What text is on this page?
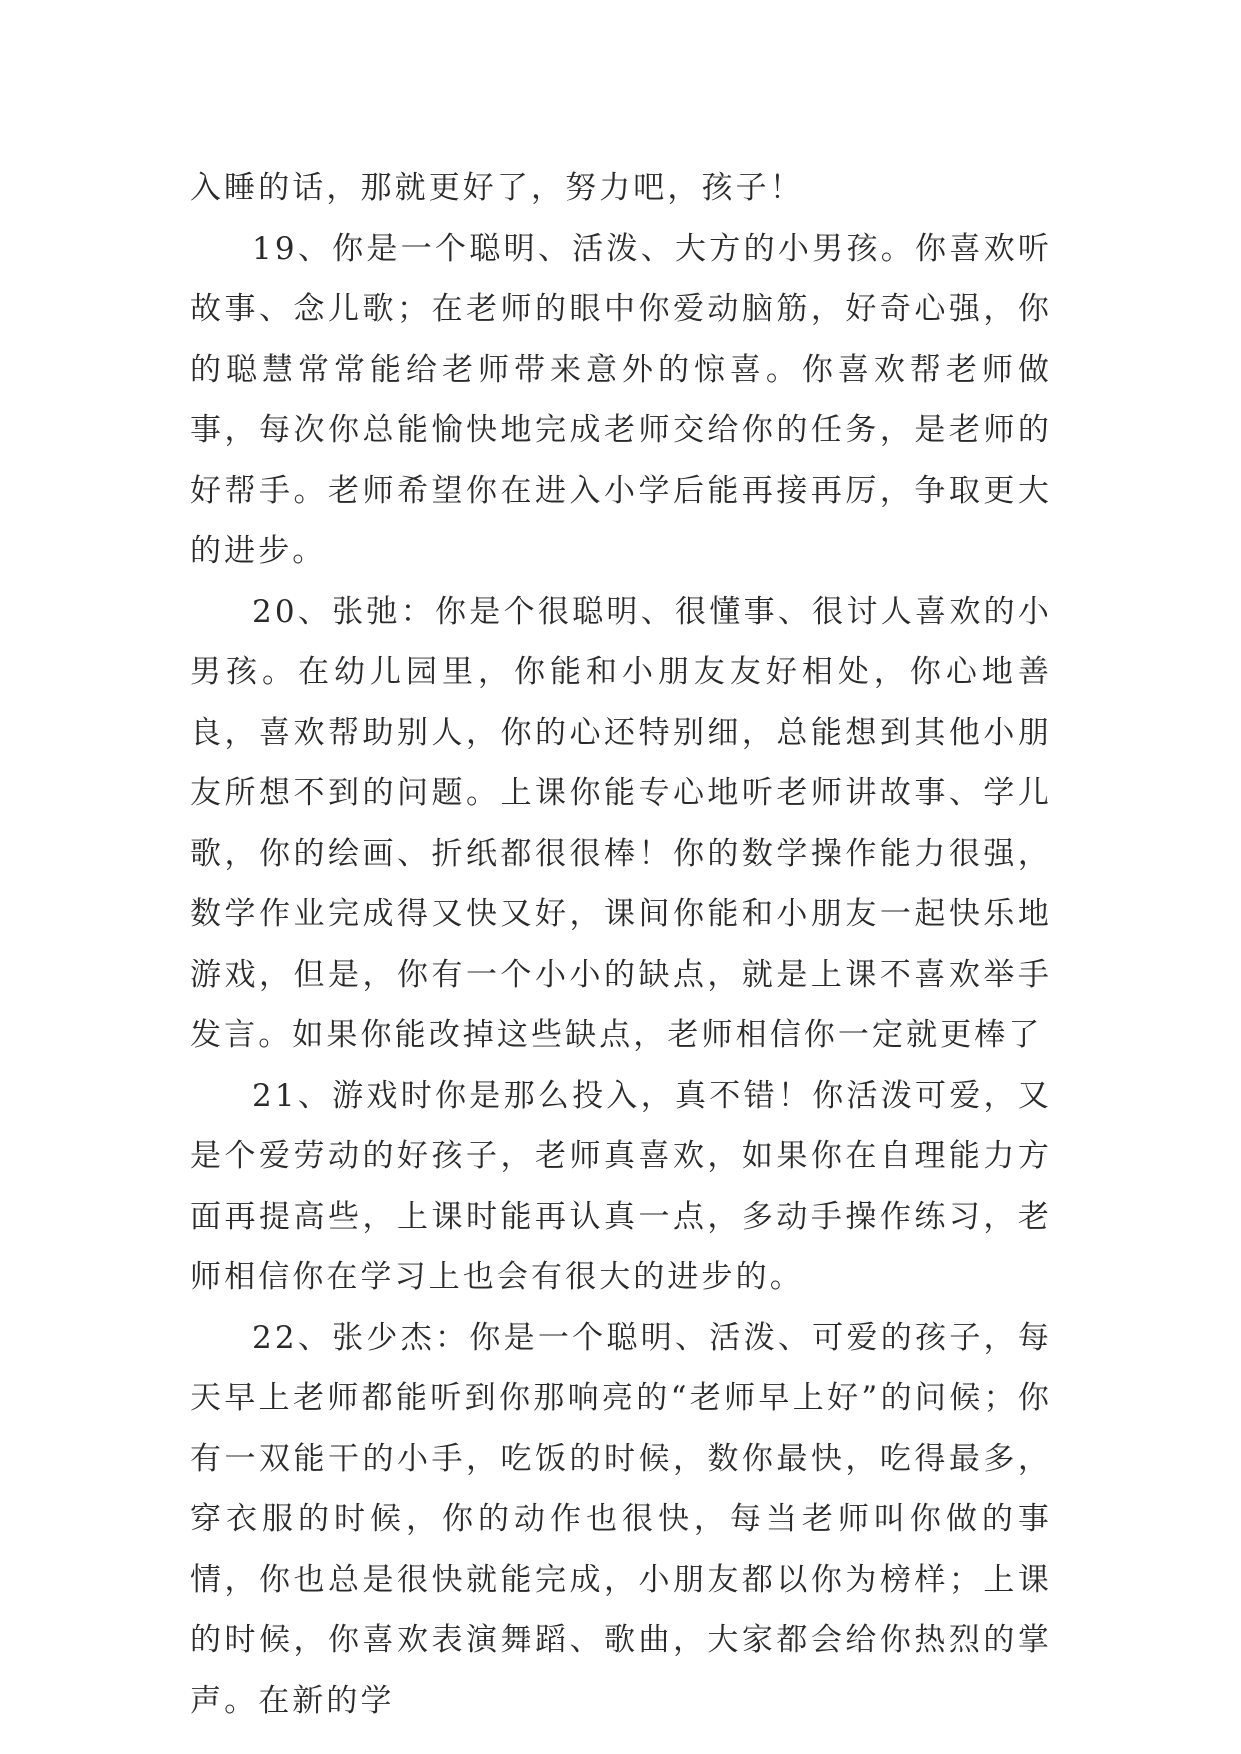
入睡的话，那就更好了，努力吧，孩子！

19、你是一个聪明、活泼、大方的小男孩。你喜欢听故事、念儿歌；在老师的眼中你爱动脑筋，好奇心强，你的聪慧常常能给老师带来意外的惊喜。你喜欢帮老师做事，每次你总能愉快地完成老师交给你的任务，是老师的好帮手。老师希望你在进入小学后能再接再厉，争取更大的进步。

20、张弛：你是个很聪明、很懂事、很讨人喜欢的小男孩。在幼儿园里，你能和小朋友友好相处，你心地善良，喜欢帮助别人，你的心还特别细，总能想到其他小朋友所想不到的问题。上课你能专心地听老师讲故事、学儿歌，你的绘画、折纸都很很棒！你的数学操作能力很强，数学作业完成得又快又好，课间你能和小朋友一起快乐地游戏，但是，你有一个小小的缺点，就是上课不喜欢举手发言。如果你能改掉这些缺点，老师相信你一定就更棒了

21、游戏时你是那么投入，真不错！你活泼可爱，又是个爱劳动的好孩子，老师真喜欢，如果你在自理能力方面再提高些，上课时能再认真一点，多动手操作练习，老师相信你在学习上也会有很大的进步的。

22、张少杰：你是一个聪明、活泼、可爱的孩子，每天早上老师都能听到你那响亮的“老师早上好”的问候；你有一双能干的小手，吃饭的时候，数你最快，吃得最多，穿衣服的时候，你的动作也很快，每当老师叫你做的事情，你也总是很快就能完成，小朋友都以你为榜样；上课的时候，你喜欢表演舞蹈、歌曲，大家都会给你热烈的掌声。在新的学
